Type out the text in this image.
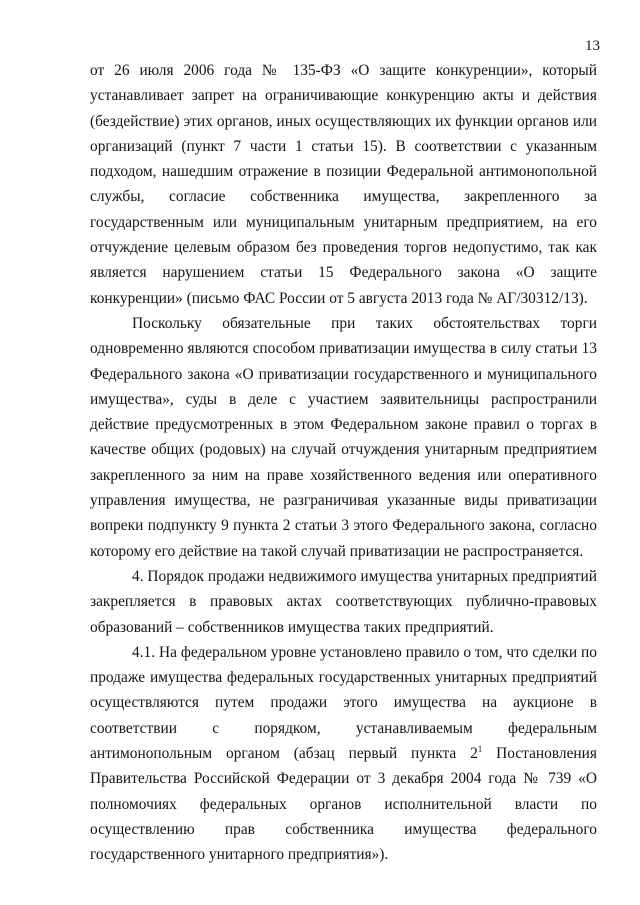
13

от 26 июля 2006 года № 135-ФЗ «О защите конкуренции», который устанавливает запрет на ограничивающие конкуренцию акты и действия (бездействие) этих органов, иных осуществляющих их функции органов или организаций (пункт 7 части 1 статьи 15). В соответствии с указанным подходом, нашедшим отражение в позиции Федеральной антимонопольной службы, согласие собственника имущества, закрепленного за государственным или муниципальным унитарным предприятием, на его отчуждение целевым образом без проведения торгов недопустимо, так как является нарушением статьи 15 Федерального закона «О защите конкуренции» (письмо ФАС России от 5 августа 2013 года № АГ/30312/13).

Поскольку обязательные при таких обстоятельствах торги одновременно являются способом приватизации имущества в силу статьи 13 Федерального закона «О приватизации государственного и муниципального имущества», суды в деле с участием заявительницы распространили действие предусмотренных в этом Федеральном законе правил о торгах в качестве общих (родовых) на случай отчуждения унитарным предприятием закрепленного за ним на праве хозяйственного ведения или оперативного управления имущества, не разграничивая указанные виды приватизации вопреки подпункту 9 пункта 2 статьи 3 этого Федерального закона, согласно которому его действие на такой случай приватизации не распространяется.

4. Порядок продажи недвижимого имущества унитарных предприятий закрепляется в правовых актах соответствующих публично-правовых образований – собственников имущества таких предприятий.

4.1. На федеральном уровне установлено правило о том, что сделки по продаже имущества федеральных государственных унитарных предприятий осуществляются путем продажи этого имущества на аукционе в соответствии с порядком, устанавливаемым федеральным антимонопольным органом (абзац первый пункта $2^1$ Постановления Правительства Российской Федерации от 3 декабря 2004 года № 739 «О полномочиях федеральных органов исполнительной власти по осуществлению прав собственника имущества федерального государственного унитарного предприятия»).
